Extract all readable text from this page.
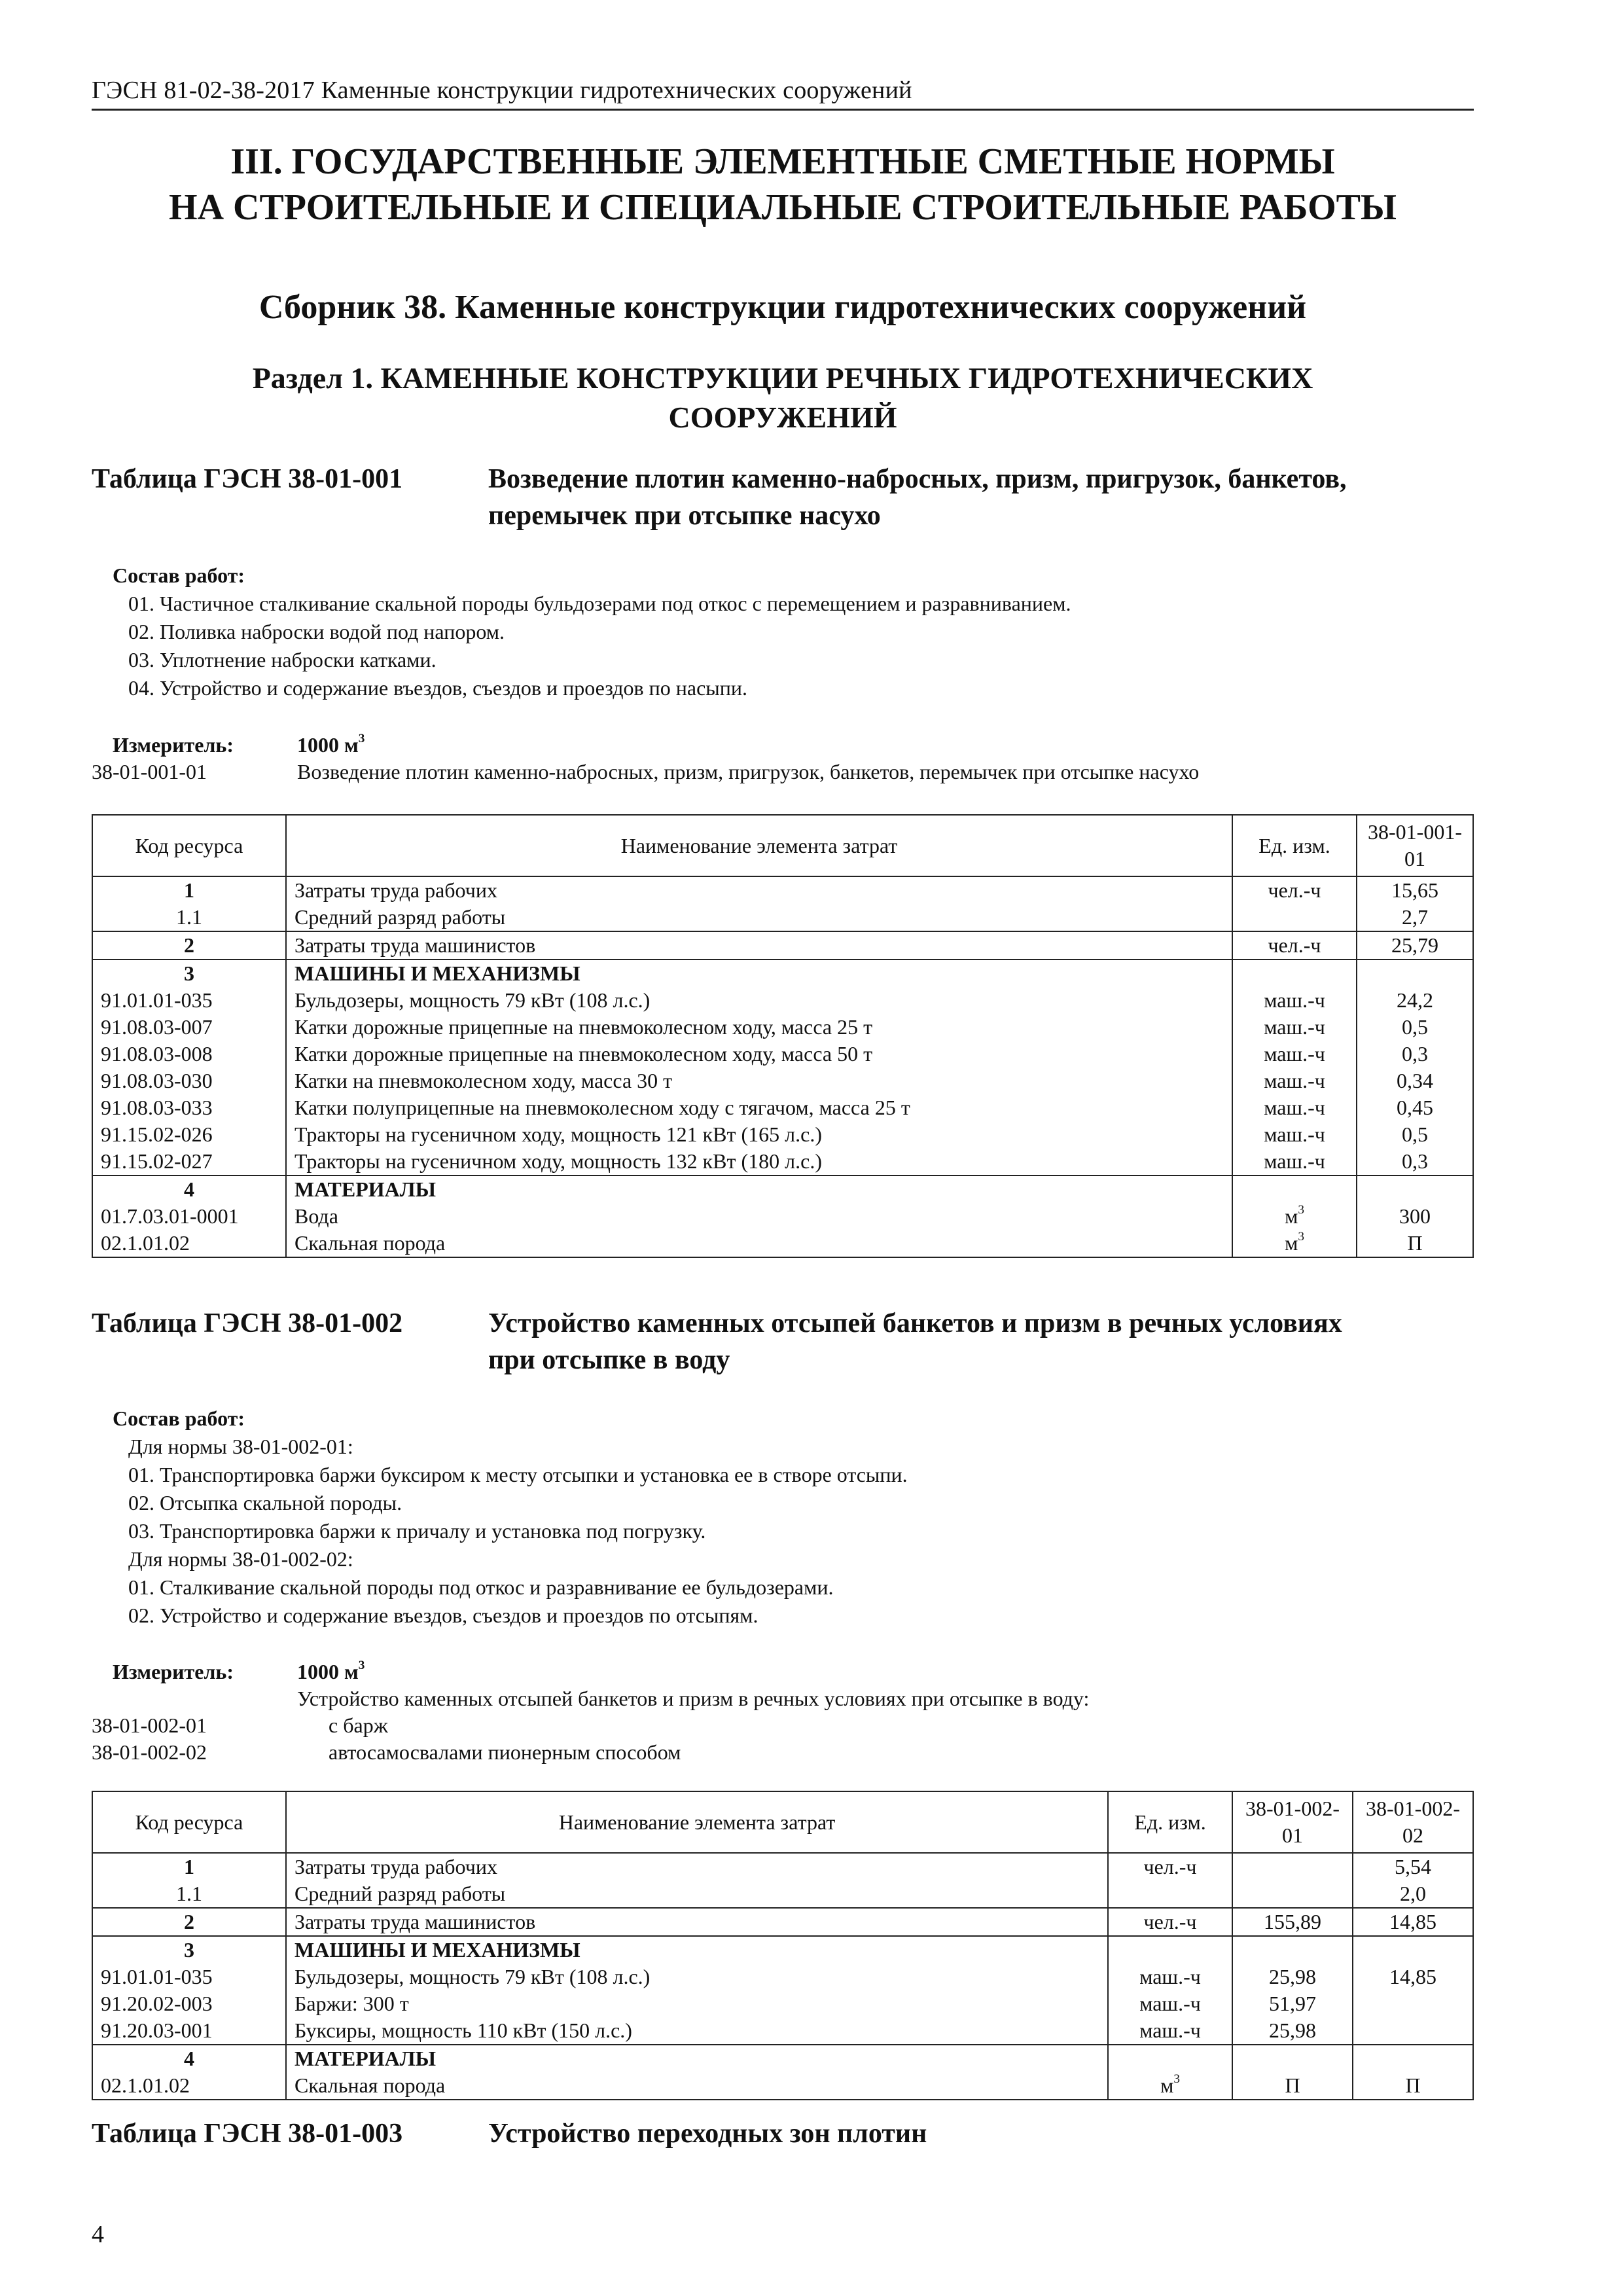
ГЭСН 81-02-38-2017 Каменные конструкции гидротехнических сооружений
III. ГОСУДАРСТВЕННЫЕ ЭЛЕМЕНТНЫЕ СМЕТНЫЕ НОРМЫ
НА СТРОИТЕЛЬНЫЕ И СПЕЦИАЛЬНЫЕ СТРОИТЕЛЬНЫЕ РАБОТЫ
Сборник 38. Каменные конструкции гидротехнических сооружений
Раздел 1. КАМЕННЫЕ КОНСТРУКЦИИ РЕЧНЫХ ГИДРОТЕХНИЧЕСКИХ
СООРУЖЕНИЙ
Таблица ГЭСН 38-01-001	Возведение плотин каменно-набросных, призм, пригрузок, банкетов,
перемычек при отсыпке насухо
Состав работ:
01. Частичное сталкивание скальной породы бульдозерами под откос с перемещением и разравниванием.
02. Поливка наброски водой под напором.
03. Уплотнение наброски катками.
04. Устройство и содержание въездов, съездов и проездов по насыпи.
Измеритель:	1000 $м^3$
38-01-001-01	Возведение плотин каменно-набросных, призм, пригрузок, банкетов, перемычек при отсыпке насухо
Код ресурса	Наименование элемента затрат	Ед. изм.	38-01-001-01
1	Затраты труда рабочих	чел.-ч	15,65
1.1	Средний разряд работы		2,7
2	Затраты труда машинистов	чел.-ч	25,79
3	МАШИНЫ И МЕХАНИЗМЫ		
91.01.01-035	Бульдозеры, мощность 79 кВт (108 л.с.)	маш.-ч	24,2
91.08.03-007	Катки дорожные прицепные на пневмоколесном ходу, масса 25 т	маш.-ч	0,5
91.08.03-008	Катки дорожные прицепные на пневмоколесном ходу, масса 50 т	маш.-ч	0,3
91.08.03-030	Катки на пневмоколесном ходу, масса 30 т	маш.-ч	0,34
91.08.03-033	Катки полуприцепные на пневмоколесном ходу с тягачом, масса 25 т	маш.-ч	0,45
91.15.02-026	Тракторы на гусеничном ходу, мощность 121 кВт (165 л.с.)	маш.-ч	0,5
91.15.02-027	Тракторы на гусеничном ходу, мощность 132 кВт (180 л.с.)	маш.-ч	0,3
4	МАТЕРИАЛЫ		
01.7.03.01-0001	Вода	$м^3$	300
02.1.01.02	Скальная порода	$м^3$	П
Таблица ГЭСН 38-01-002	Устройство каменных отсыпей банкетов и призм в речных условиях
при отсыпке в воду
Состав работ:
Для нормы 38-01-002-01:
01. Транспортировка баржи буксиром к месту отсыпки и установка ее в створе отсыпи.
02. Отсыпка скальной породы.
03. Транспортировка баржи к причалу и установка под погрузку.
Для нормы 38-01-002-02:
01. Сталкивание скальной породы под откос и разравнивание ее бульдозерами.
02. Устройство и содержание въездов, съездов и проездов по отсыпям.
Измеритель:	1000 $м^3$
Устройство каменных отсыпей банкетов и призм в речных условиях при отсыпке в воду:
38-01-002-01	с барж
38-01-002-02	автосамосвалами пионерным способом
Код ресурса	Наименование элемента затрат	Ед. изм.	38-01-002-01	38-01-002-02
1	Затраты труда рабочих	чел.-ч		5,54
1.1	Средний разряд работы			2,0
2	Затраты труда машинистов	чел.-ч	155,89	14,85
3	МАШИНЫ И МЕХАНИЗМЫ			
91.01.01-035	Бульдозеры, мощность 79 кВт (108 л.с.)	маш.-ч	25,98	14,85
91.20.02-003	Баржи: 300 т	маш.-ч	51,97	
91.20.03-001	Буксиры, мощность 110 кВт (150 л.с.)	маш.-ч	25,98	
4	МАТЕРИАЛЫ			
02.1.01.02	Скальная порода	$м^3$	П	П
Таблица ГЭСН 38-01-003	Устройство переходных зон плотин
4
